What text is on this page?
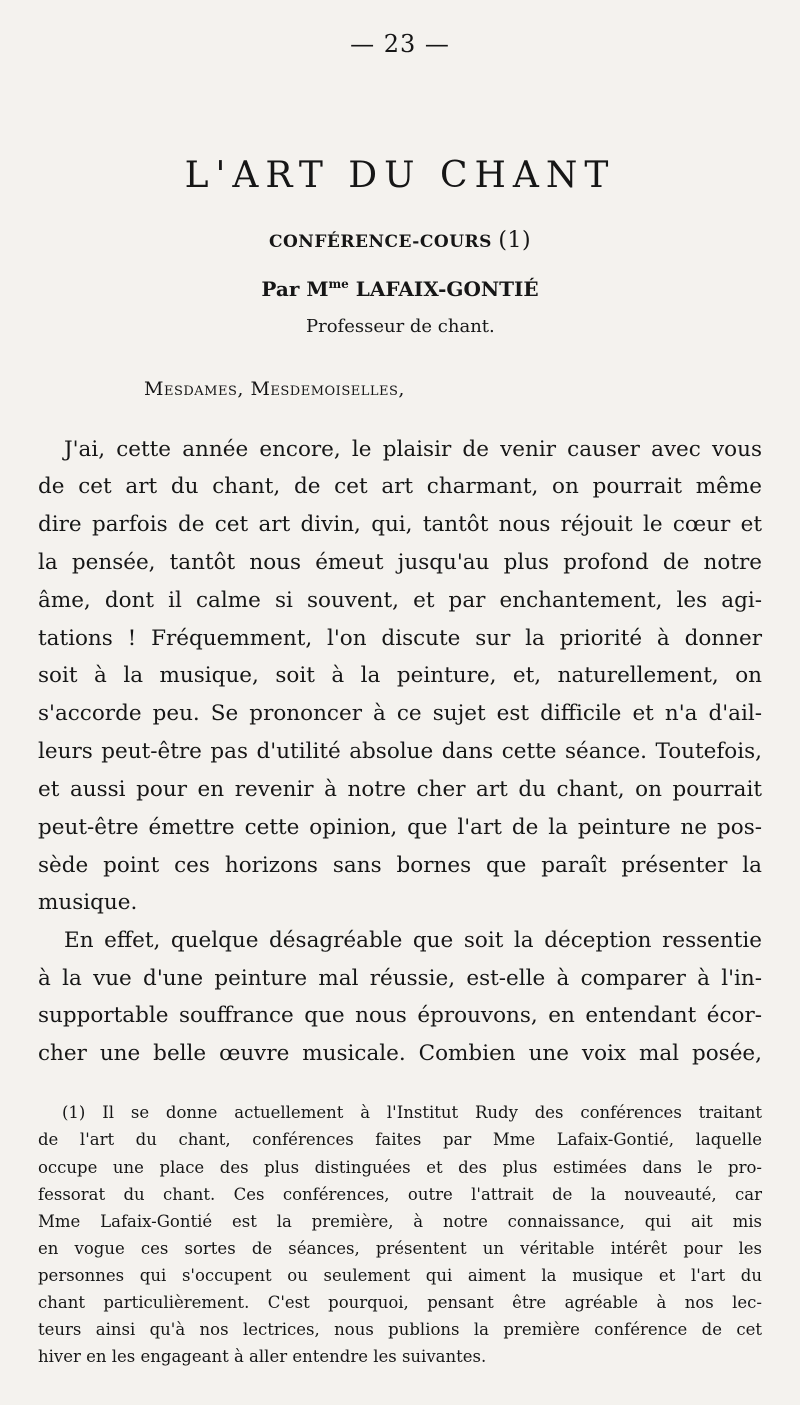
— 23 —
L'ART DU CHANT
CONFÉRENCE-COURS (1)
Par $M^{me}$ LAFAIX-GONTIÉ
Professeur de chant.
Mesdames, Mesdemoiselles,
J'ai, cette année encore, le plaisir de venir causer avec vous
de cet art du chant, de cet art charmant, on pourrait même
dire parfois de cet art divin, qui, tantôt nous réjouit le cœur et
la pensée, tantôt nous émeut jusqu'au plus profond de notre
âme, dont il calme si souvent, et par enchantement, les agi-
tations ! Fréquemment, l'on discute sur la priorité à donner
soit à la musique, soit à la peinture, et, naturellement, on
s'accorde peu. Se prononcer à ce sujet est difficile et n'a d'ail-
leurs peut-être pas d'utilité absolue dans cette séance. Toutefois,
et aussi pour en revenir à notre cher art du chant, on pourrait
peut-être émettre cette opinion, que l'art de la peinture ne pos-
sède point ces horizons sans bornes que paraît présenter la
musique.
En effet, quelque désagréable que soit la déception ressentie
à la vue d'une peinture mal réussie, est-elle à comparer à l'in-
supportable souffrance que nous éprouvons, en entendant écor-
cher une belle œuvre musicale. Combien une voix mal posée,
(1) Il se donne actuellement à l'Institut Rudy des conférences traitant
de l'art du chant, conférences faites par Mme Lafaix-Gontié, laquelle
occupe une place des plus distinguées et des plus estimées dans le pro-
fessorat du chant. Ces conférences, outre l'attrait de la nouveauté, car
Mme Lafaix-Gontié est la première, à notre connaissance, qui ait mis
en vogue ces sortes de séances, présentent un véritable intérêt pour les
personnes qui s'occupent ou seulement qui aiment la musique et l'art du
chant particulièrement. C'est pourquoi, pensant être agréable à nos lec-
teurs ainsi qu'à nos lectrices, nous publions la première conférence de cet
hiver en les engageant à aller entendre les suivantes.
